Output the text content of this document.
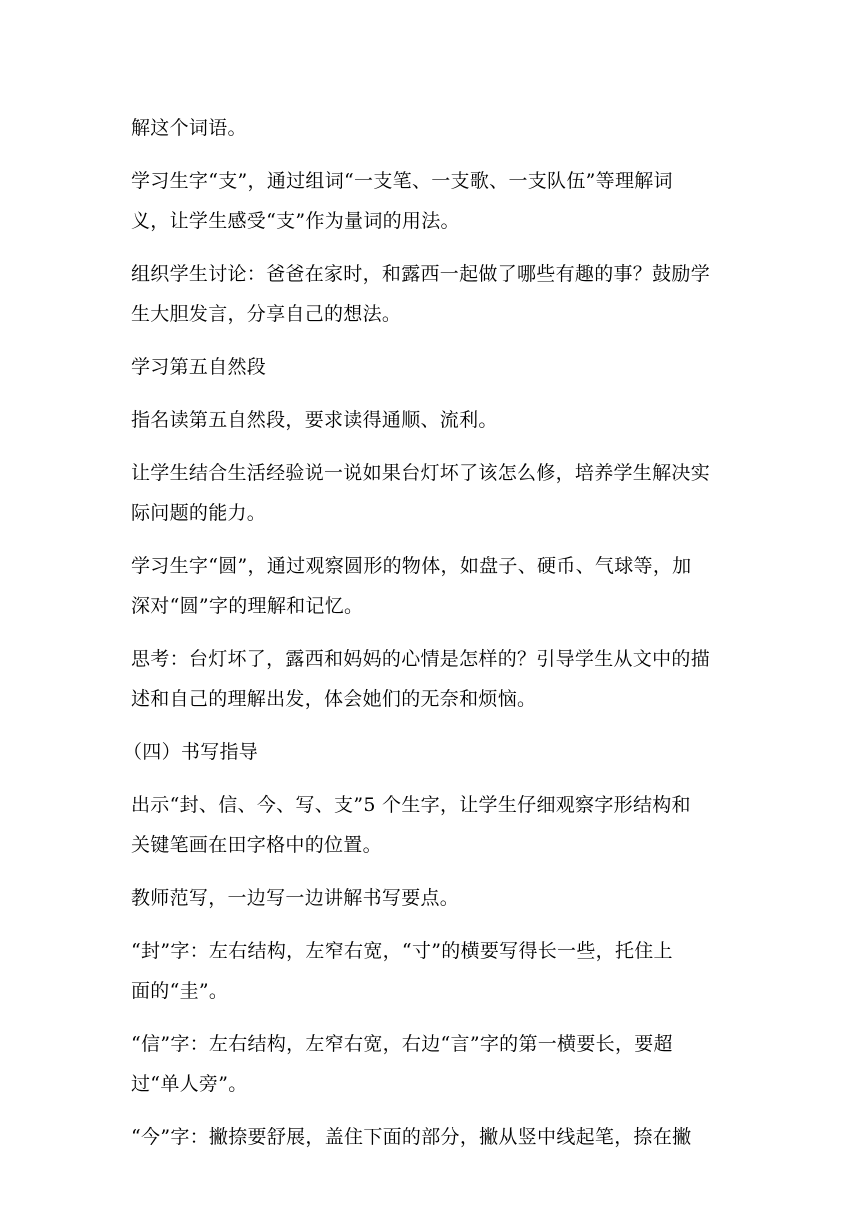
解这个词语。

学习生字“支”，通过组词“一支笔、一支歌、一支队伍”等理解词
义，让学生感受“支”作为量词的用法。

组织学生讨论：爸爸在家时，和露西一起做了哪些有趣的事？鼓励学
生大胆发言，分享自己的想法。

学习第五自然段

指名读第五自然段，要求读得通顺、流利。

让学生结合生活经验说一说如果台灯坏了该怎么修，培养学生解决实
际问题的能力。

学习生字“圆”，通过观察圆形的物体，如盘子、硬币、气球等，加
深对“圆”字的理解和记忆。

思考：台灯坏了，露西和妈妈的心情是怎样的？引导学生从文中的描
述和自己的理解出发，体会她们的无奈和烦恼。

（四）书写指导

出示“封、信、今、写、支”5 个生字，让学生仔细观察字形结构和
关键笔画在田字格中的位置。

教师范写，一边写一边讲解书写要点。

“封”字：左右结构，左窄右宽，“寸”的横要写得长一些，托住上
面的“圭”。

“信”字：左右结构，左窄右宽，右边“言”字的第一横要长，要超
过“单人旁”。

“今”字：撇捺要舒展，盖住下面的部分，撇从竖中线起笔，捺在撇
